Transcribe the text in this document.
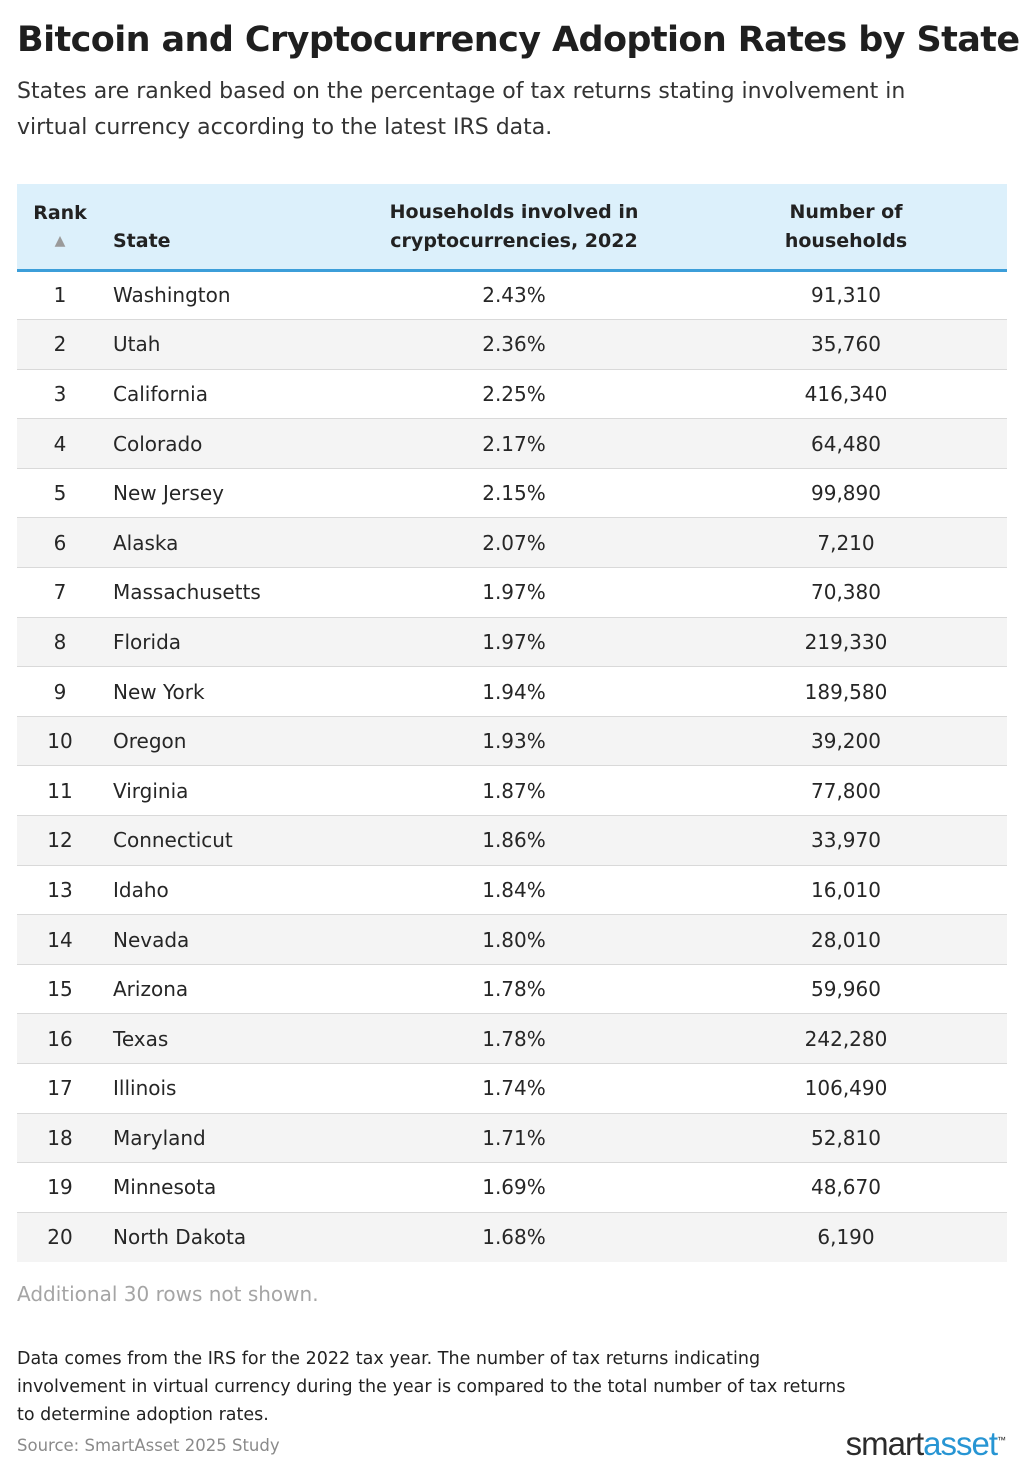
Bitcoin and Cryptocurrency Adoption Rates by State

States are ranked based on the percentage of tax returns stating involvement in virtual currency according to the latest IRS data.

Rank
▲	State	Households involved in cryptocurrencies, 2022	Number of households

1	Washington	2.43%	91,310
2	Utah	2.36%	35,760
3	California	2.25%	416,340
4	Colorado	2.17%	64,480
5	New Jersey	2.15%	99,890
6	Alaska	2.07%	7,210
7	Massachusetts	1.97%	70,380
8	Florida	1.97%	219,330
9	New York	1.94%	189,580
10	Oregon	1.93%	39,200
11	Virginia	1.87%	77,800
12	Connecticut	1.86%	33,970
13	Idaho	1.84%	16,010
14	Nevada	1.80%	28,010
15	Arizona	1.78%	59,960
16	Texas	1.78%	242,280
17	Illinois	1.74%	106,490
18	Maryland	1.71%	52,810
19	Minnesota	1.69%	48,670
20	North Dakota	1.68%	6,190

Additional 30 rows not shown.

Data comes from the IRS for the 2022 tax year. The number of tax returns indicating involvement in virtual currency during the year is compared to the total number of tax returns to determine adoption rates.

Source: SmartAsset 2025 Study	smartasset™
